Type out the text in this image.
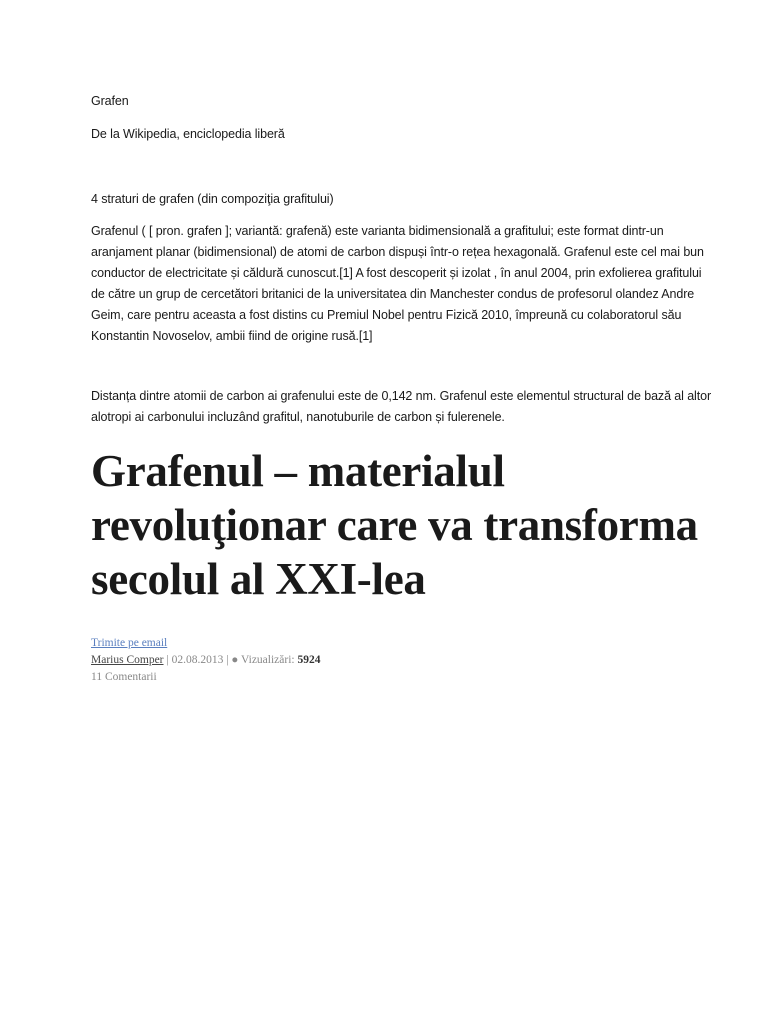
Grafen
De la Wikipedia, enciclopedia liberă
4 straturi de grafen (din compoziţia grafitului)

Grafenul ( [ pron. grafen ]; variantă: grafenă) este varianta bidimensională a grafitului; este format dintr-un aranjament planar (bidimensional) de atomi de carbon dispuși într-o rețea hexagonală. Grafenul este cel mai bun conductor de electricitate și căldură cunoscut.[1] A fost descoperit și izolat , în anul 2004, prin exfolierea grafitului de către un grup de cercetători britanici de la universitatea din Manchester condus de profesorul olandez Andre Geim, care pentru aceasta a fost distins cu Premiul Nobel pentru Fizică 2010, împreună cu colaboratorul său Konstantin Novoselov, ambii fiind de origine rusă.[1]

Distanța dintre atomii de carbon ai grafenului este de 0,142 nm. Grafenul este elementul structural de bază al altor alotropi ai carbonului incluzând grafitul, nanotuburile de carbon și fulerenele.

Grafenul – materialul revoluţionar care va transforma secolul al XXI-lea
Trimite pe email
Marius Comper | 02.08.2013 | ● Vizualizări: 5924
11 Comentarii
